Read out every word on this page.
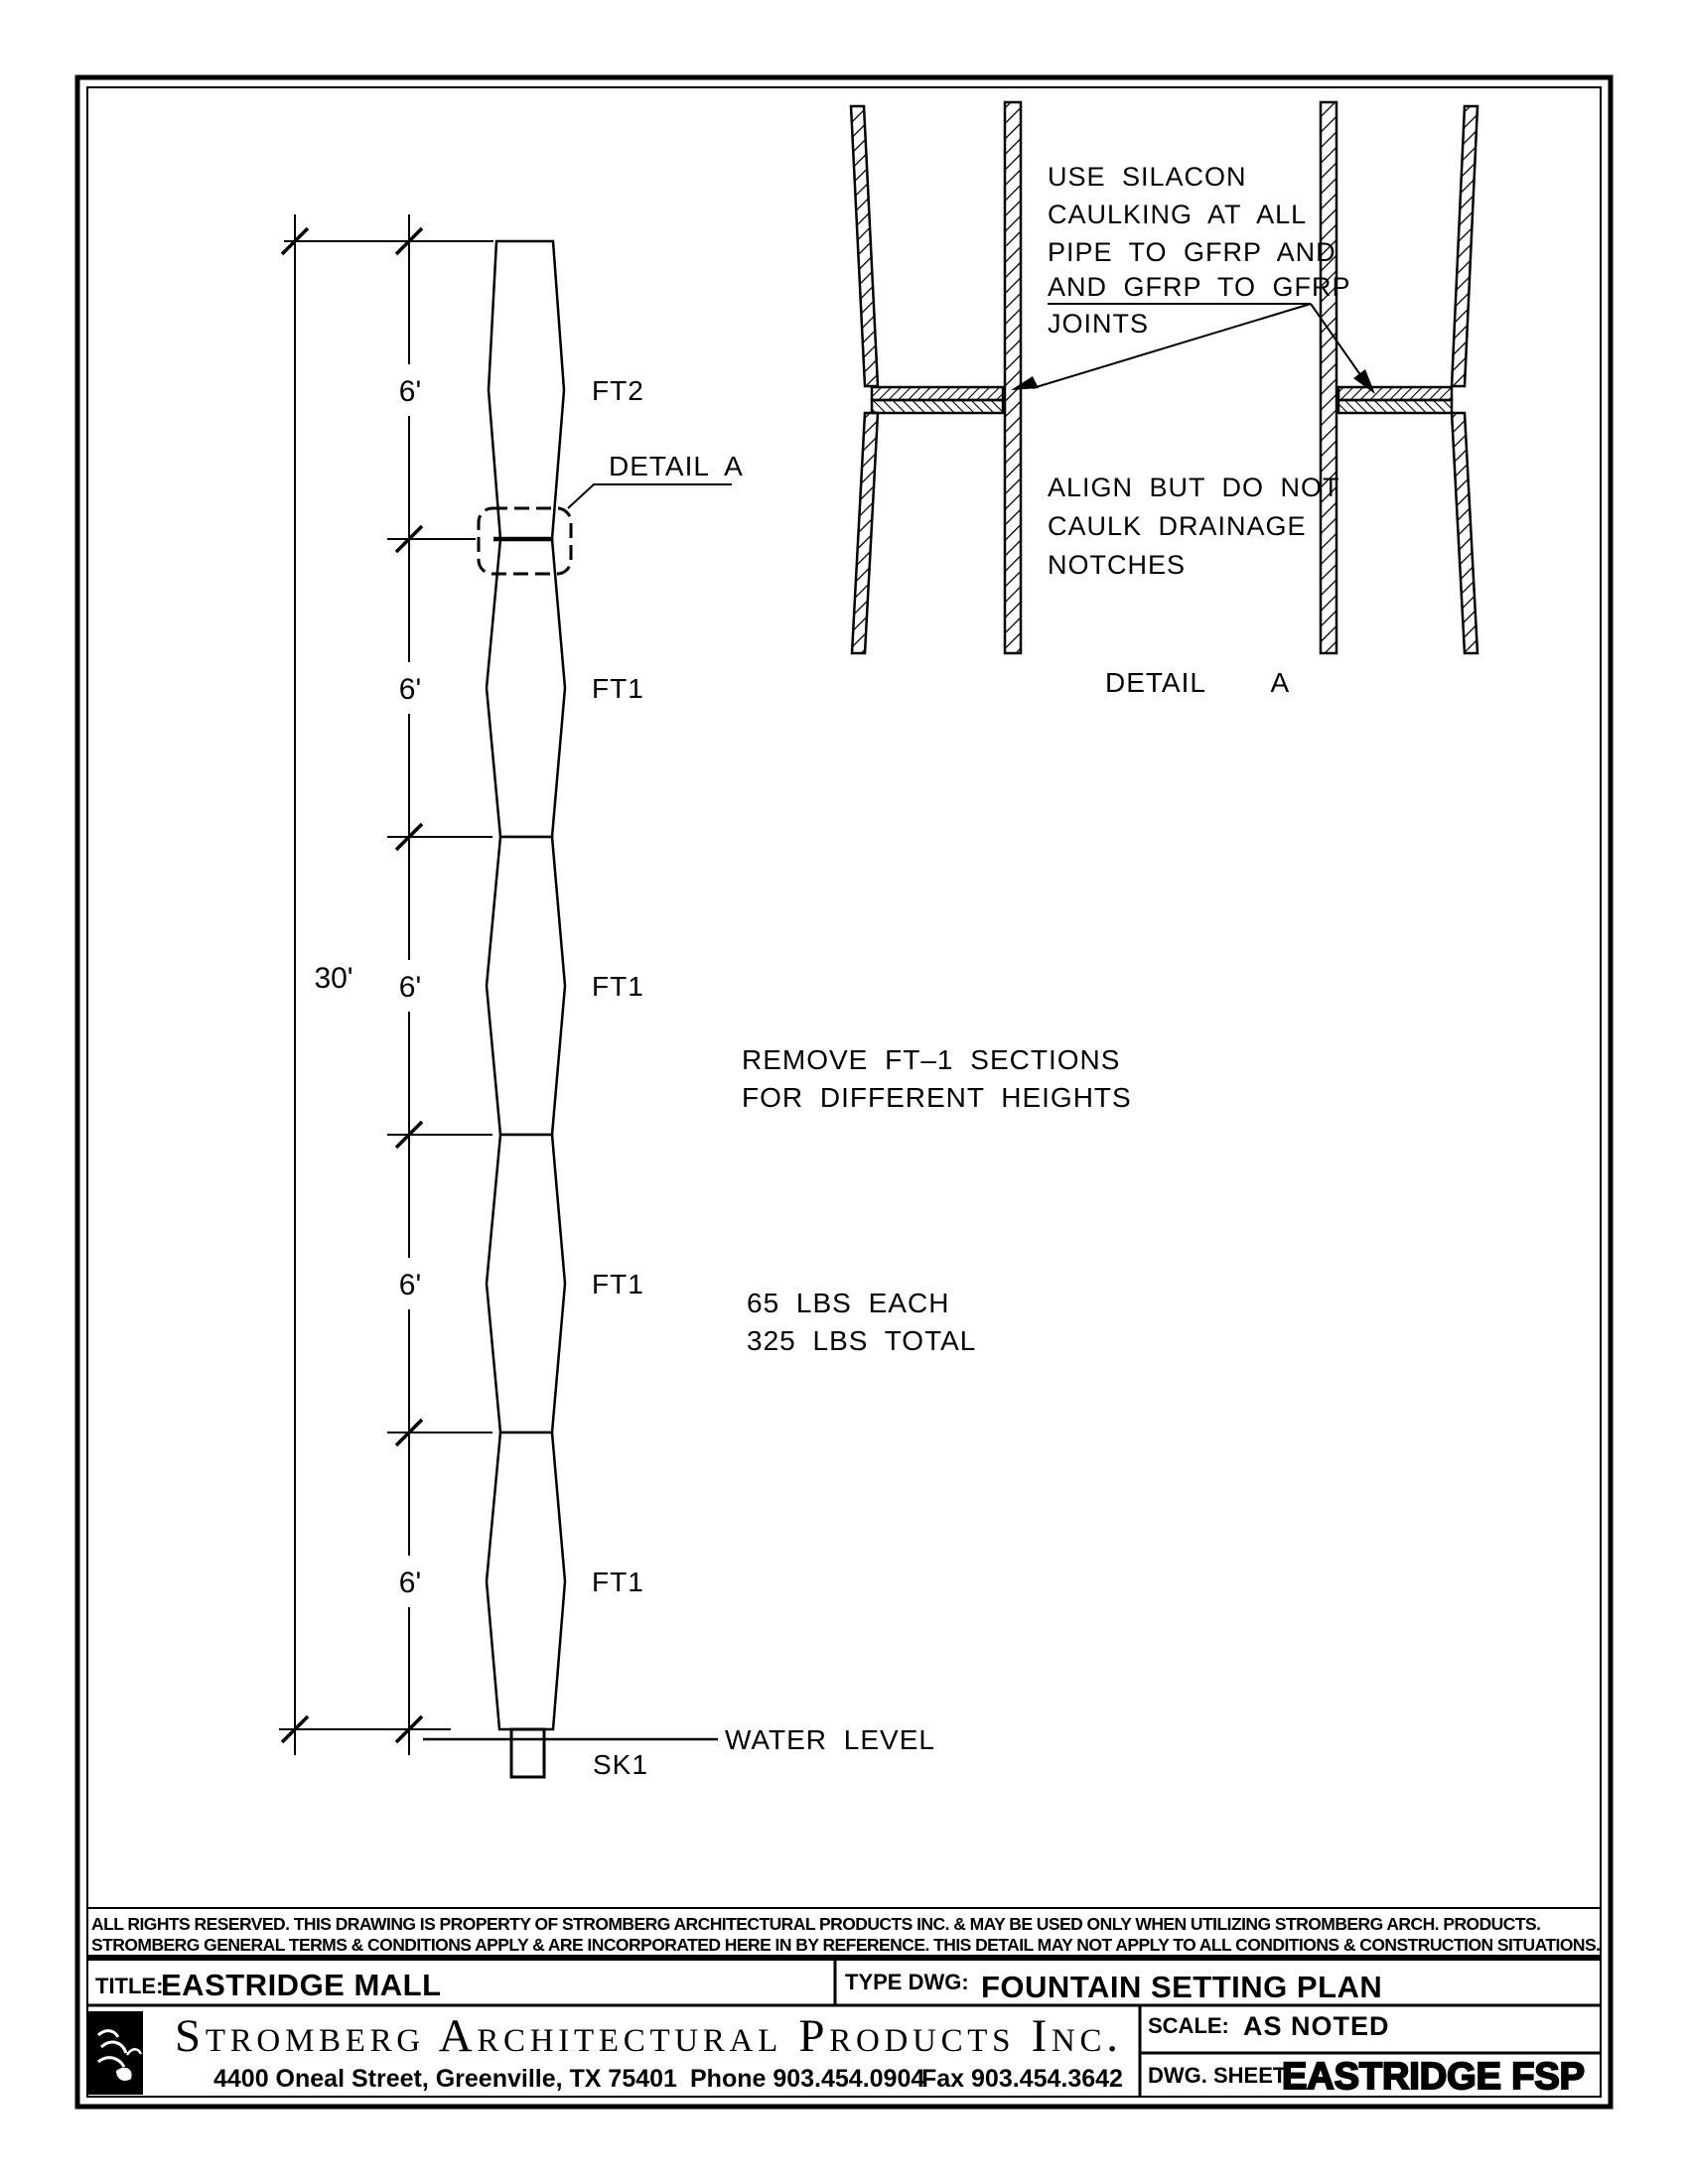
30'
6'
6'
6'
6'
6'
FT2
FT1
FT1
FT1
FT1
SK1
DETAIL A
WATER LEVEL
REMOVE FT–1 SECTIONS
FOR DIFFERENT HEIGHTS
65 LBS EACH
325 LBS TOTAL
USE SILACON
CAULKING AT ALL
PIPE TO GFRP AND
AND GFRP TO GFRP
JOINTS
ALIGN BUT DO NOT
CAULK DRAINAGE
NOTCHES
DETAIL    A
ALL RIGHTS RESERVED. THIS DRAWING IS PROPERTY OF STROMBERG ARCHITECTURAL PRODUCTS INC. & MAY BE USED ONLY WHEN UTILIZING STROMBERG ARCH. PRODUCTS.
STROMBERG GENERAL TERMS & CONDITIONS APPLY & ARE INCORPORATED HERE IN BY REFERENCE. THIS DETAIL MAY NOT APPLY TO ALL CONDITIONS & CONSTRUCTION SITUATIONS.
TITLE:
EASTRIDGE MALL	TYPE DWG: FOUNTAIN SETTING PLAN
Stromberg Architectural Products Inc.
4400 Oneal Street, Greenville, TX 75401 Phone 903.454.0904
Fax 903.454.3642
SCALE: AS NOTED
DWG. SHEET:
EASTRIDGE FSP
